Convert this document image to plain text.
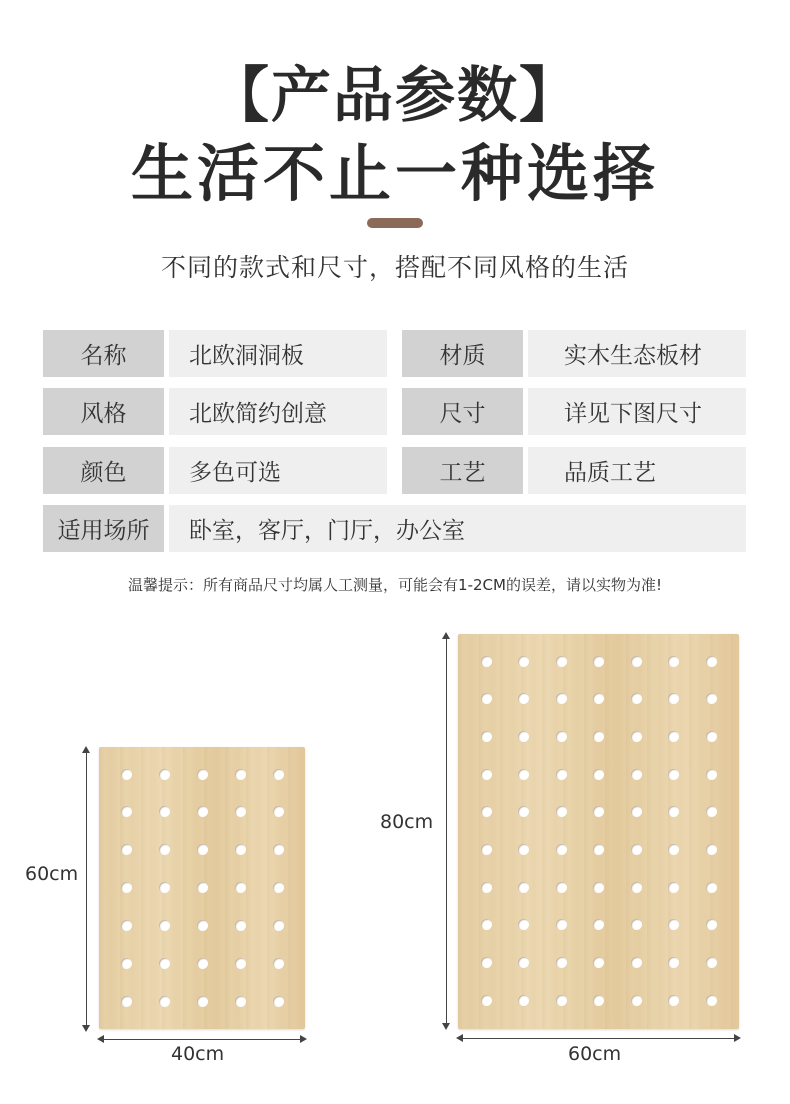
【产品参数】
生活不止一种选择
不同的款式和尺寸，搭配不同风格的生活
名称	北欧洞洞板	材质	实木生态板材
风格	北欧简约创意	尺寸	详见下图尺寸
颜色	多色可选	工艺	品质工艺
适用场所	卧室，客厅，门厅，办公室
温馨提示：所有商品尺寸均属人工测量，可能会有1-2CM的误差，请以实物为准!
60cm
40cm
80cm
60cm
